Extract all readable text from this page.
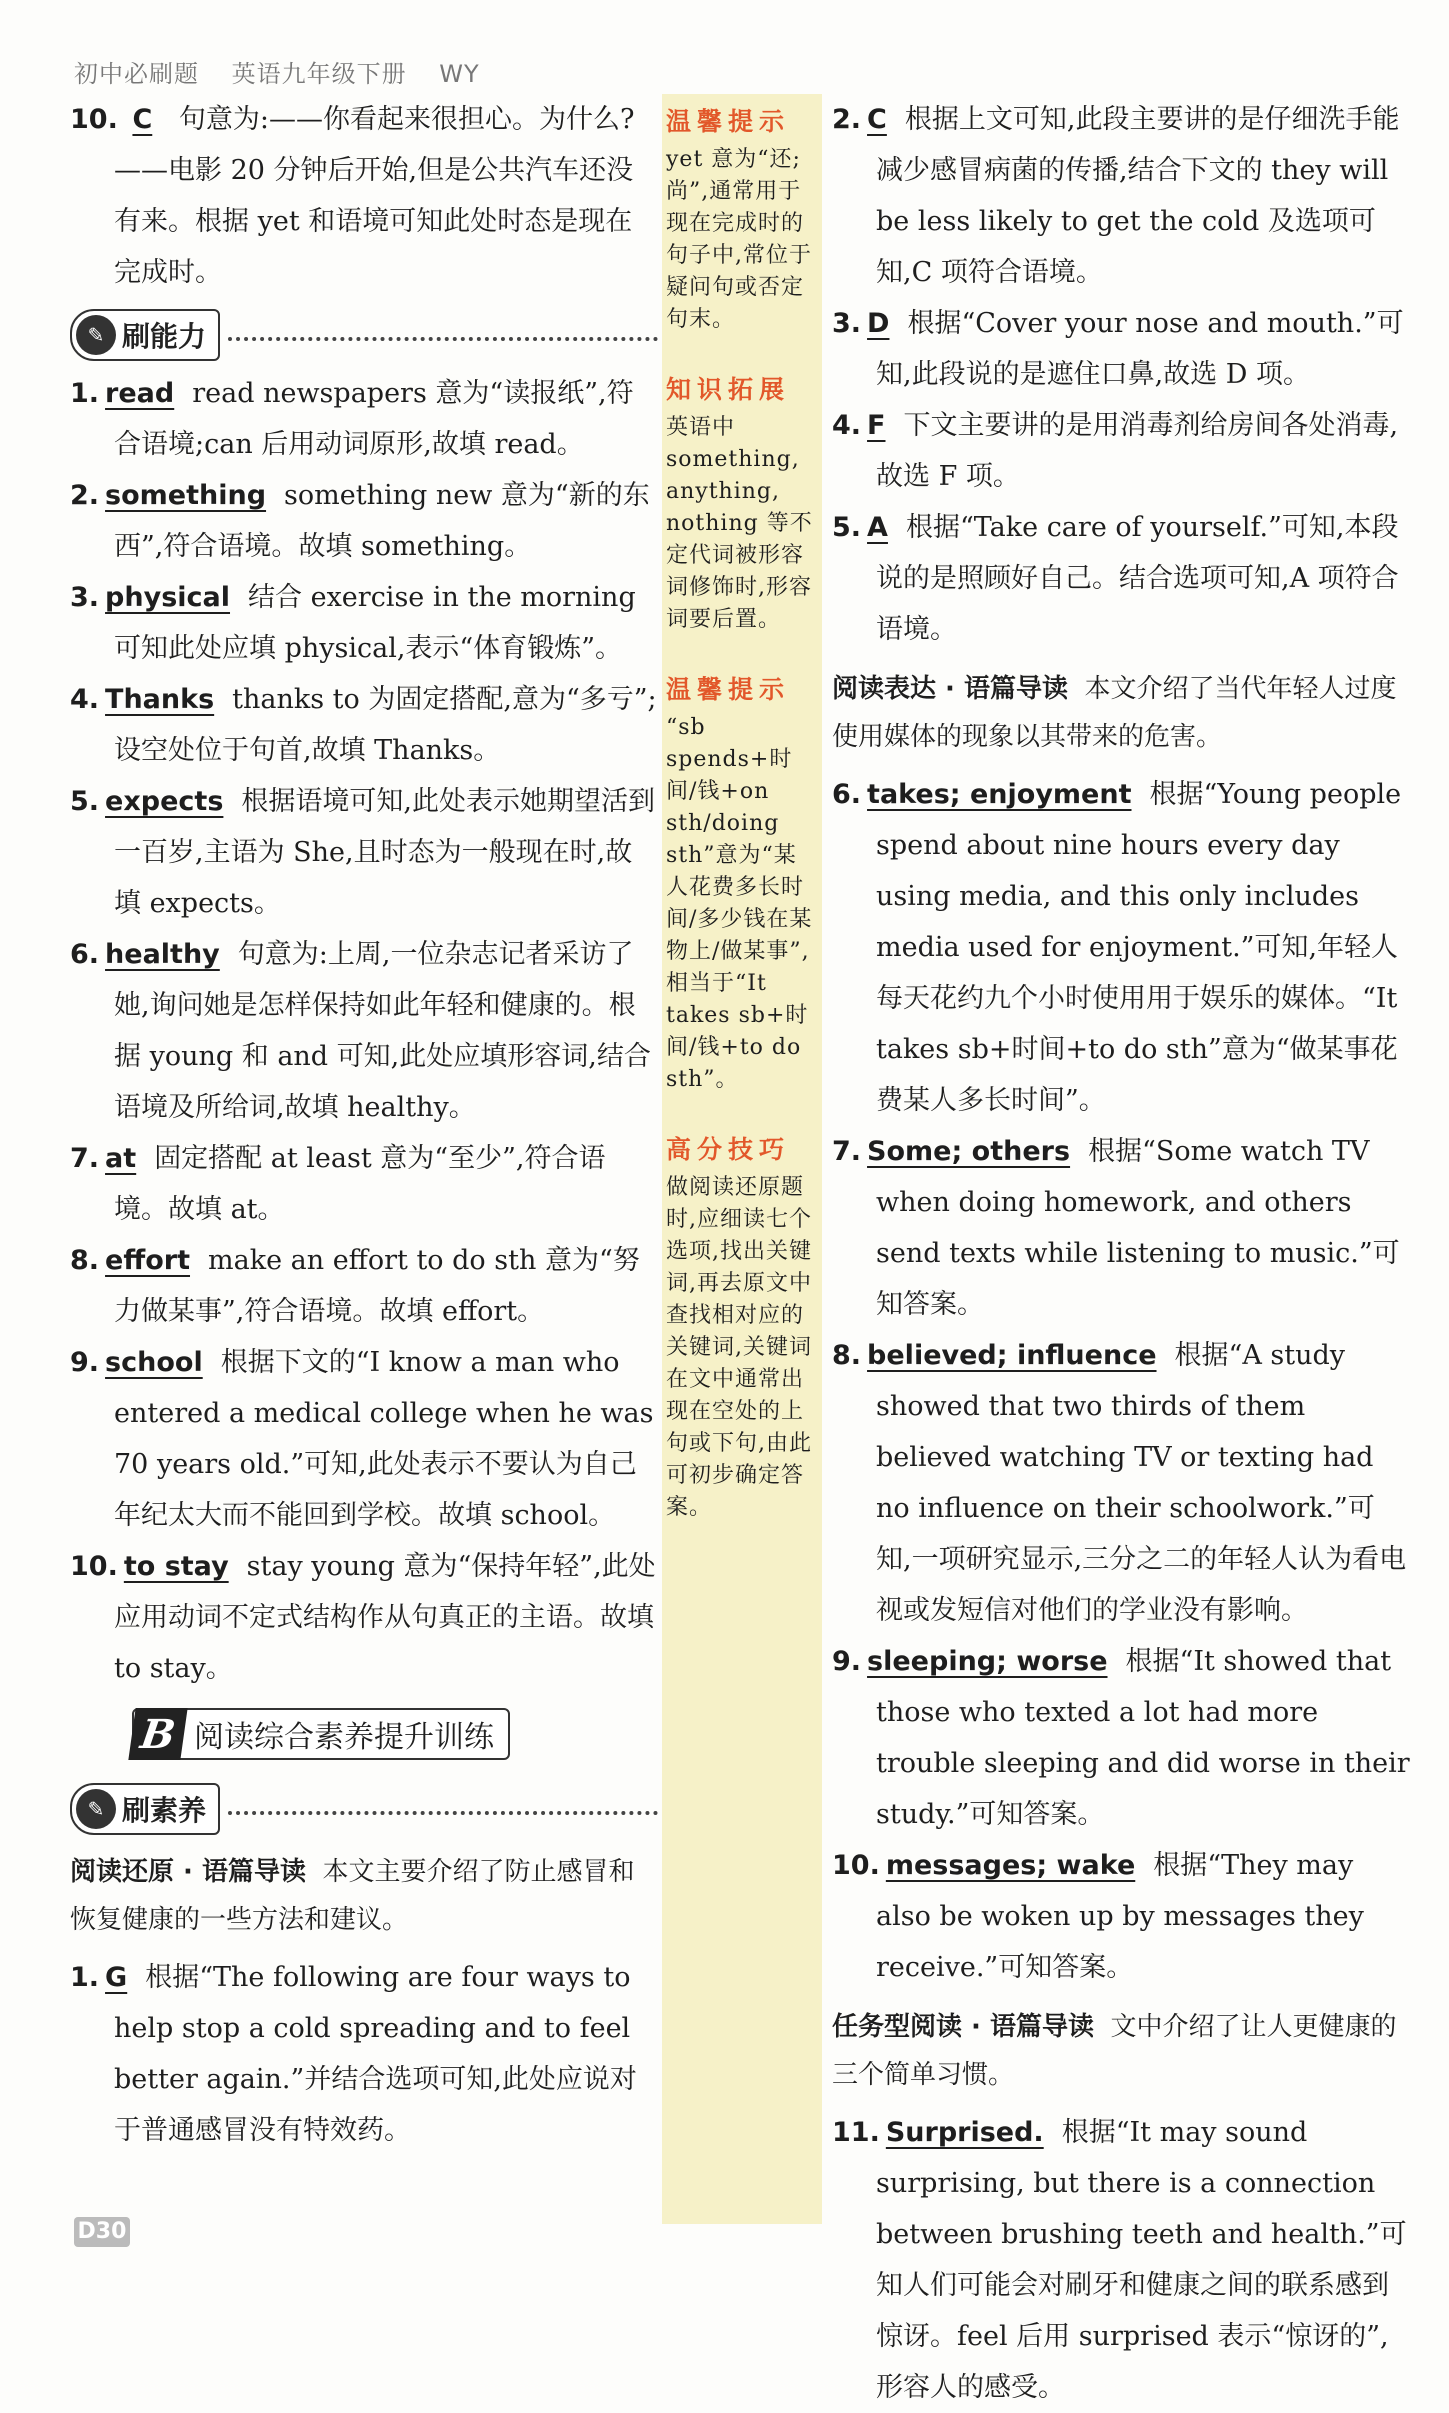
初中必刷题 英语九年级下册 WY
10. C 句意为:——你看起来很担心。为什么?——电影 20 分钟后开始,但是公共汽车还没有来。根据 yet 和语境可知此处时态是现在完成时。
✎ 刷能力
1. read read newspapers 意为“读报纸”,符合语境;can 后用动词原形,故填 read。
2. something something new 意为“新的东西”,符合语境。故填 something。
3. physical 结合 exercise in the morning 可知此处应填 physical,表示“体育锻炼”。
4. Thanks thanks to 为固定搭配,意为“多亏”;设空处位于句首,故填 Thanks。
5. expects 根据语境可知,此处表示她期望活到一百岁,主语为 She,且时态为一般现在时,故填 expects。
6. healthy 句意为:上周,一位杂志记者采访了她,询问她是怎样保持如此年轻和健康的。根据 young 和 and 可知,此处应填形容词,结合语境及所给词,故填 healthy。
7. at 固定搭配 at least 意为“至少”,符合语境。故填 at。
8. effort make an effort to do sth 意为“努力做某事”,符合语境。故填 effort。
9. school 根据下文的“I know a man who entered a medical college when he was 70 years old.”可知,此处表示不要认为自己年纪太大而不能回到学校。故填 school。
10. to stay stay young 意为“保持年轻”,此处应用动词不定式结构作从句真正的主语。故填 to stay。
B 阅读综合素养提升训练
✎ 刷素养
阅读还原 · 语篇导读 本文主要介绍了防止感冒和恢复健康的一些方法和建议。
1. G 根据“The following are four ways to help stop a cold spreading and to feel better again.”并结合选项可知,此处应说对于普通感冒没有特效药。
温馨提示
yet 意为“还;尚”,通常用于现在完成时的句子中,常位于疑问句或否定句末。
知识拓展
英语中 something, anything, nothing 等不定代词被形容词修饰时,形容词要后置。
温馨提示
“sb spends+时间/钱+on sth/doing sth”意为“某人花费多长时间/多少钱在某物上/做某事”,相当于“It takes sb+时间/钱+to do sth”。
高分技巧
做阅读还原题时,应细读七个选项,找出关键词,再去原文中查找相对应的关键词,关键词在文中通常出现在空处的上句或下句,由此可初步确定答案。
2. C 根据上文可知,此段主要讲的是仔细洗手能减少感冒病菌的传播,结合下文的 they will be less likely to get the cold 及选项可知,C 项符合语境。
3. D 根据“Cover your nose and mouth.”可知,此段说的是遮住口鼻,故选 D 项。
4. F 下文主要讲的是用消毒剂给房间各处消毒,故选 F 项。
5. A 根据“Take care of yourself.”可知,本段说的是照顾好自己。结合选项可知,A 项符合语境。
阅读表达 · 语篇导读 本文介绍了当代年轻人过度使用媒体的现象以其带来的危害。
6. takes; enjoyment 根据“Young people spend about nine hours every day using media, and this only includes media used for enjoyment.”可知,年轻人每天花约九个小时使用用于娱乐的媒体。“It takes sb+时间+to do sth”意为“做某事花费某人多长时间”。
7. Some; others 根据“Some watch TV when doing homework, and others send texts while listening to music.”可知答案。
8. believed; influence 根据“A study showed that two thirds of them believed watching TV or texting had no influence on their schoolwork.”可知,一项研究显示,三分之二的年轻人认为看电视或发短信对他们的学业没有影响。
9. sleeping; worse 根据“It showed that those who texted a lot had more trouble sleeping and did worse in their study.”可知答案。
10. messages; wake 根据“They may also be woken up by messages they receive.”可知答案。
任务型阅读 · 语篇导读 文中介绍了让人更健康的三个简单习惯。
11. Surprised. 根据“It may sound surprising, but there is a connection between brushing teeth and health.”可知人们可能会对刷牙和健康之间的联系感到惊讶。feel 后用 surprised 表示“惊讶的”,形容人的感受。
D30
